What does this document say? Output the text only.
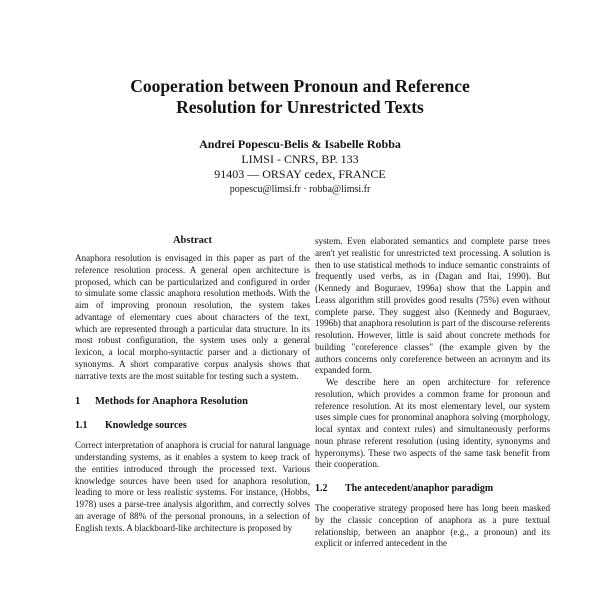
Cooperation between Pronoun and Reference
Resolution for Unrestricted Texts
Andrei Popescu-Belis & Isabelle Robba
LIMSI - CNRS, BP. 133
91403 — ORSAY cedex, FRANCE
popescu@limsi.fr · robba@limsi.fr
Abstract

Anaphora resolution is envisaged in this paper as part of the reference resolution process. A general open architecture is proposed, which can be particularized and configured in order to simulate some classic anaphora resolution methods. With the aim of improving pronoun resolution, the system takes advantage of elementary cues about characters of the text, which are represented through a particular data structure. In its most robust configuration, the system uses only a general lexicon, a local morpho-syntactic parser and a dictionary of synonyms. A short comparative corpus analysis shows that narrative texts are the most suitable for testing such a system.

1 Methods for Anaphora Resolution
1.1 Knowledge sources

Correct interpretation of anaphora is crucial for natural language understanding systems, as it enables a system to keep track of the entities introduced through the processed text. Various knowledge sources have been used for anaphora resolution, leading to more or less realistic systems. For instance, (Hobbs, 1978) uses a parse-tree analysis algorithm, and correctly solves an average of 88% of the personal pronouns, in a selection of English texts. A blackboard-like architecture is proposed by

system. Even elaborated semantics and complete parse trees aren't yet realistic for unrestricted text processing. A solution is then to use statistical methods to induce semantic constraints of frequently used verbs, as in (Dagan and Itai, 1990). But (Kennedy and Boguraev, 1996a) show that the Lappin and Leass algorithm still provides good results (75%) even without complete parse. They suggest also (Kennedy and Boguraev, 1996b) that anaphora resolution is part of the discourse referents resolution. However, little is said about concrete methods for building "coreference classes" (the example given by the authors concerns only coreference between an acronym and its expanded form.

We describe here an open architecture for reference resolution, which provides a common frame for pronoun and reference resolution. At its most elementary level, our system uses simple cues for pronominal anaphora solving (morphology, local syntax and context rules) and simultaneously performs noun phrase referent resolution (using identity, synonyms and hyperonyms). These two aspects of the same task benefit from their cooperation.

1.2 The antecedent/anaphor paradigm

The cooperative strategy proposed here has long been masked by the classic conception of anaphora as a pure textual relationship, between an anaphor (e.g., a pronoun) and its explicit or inferred antecedent in the
